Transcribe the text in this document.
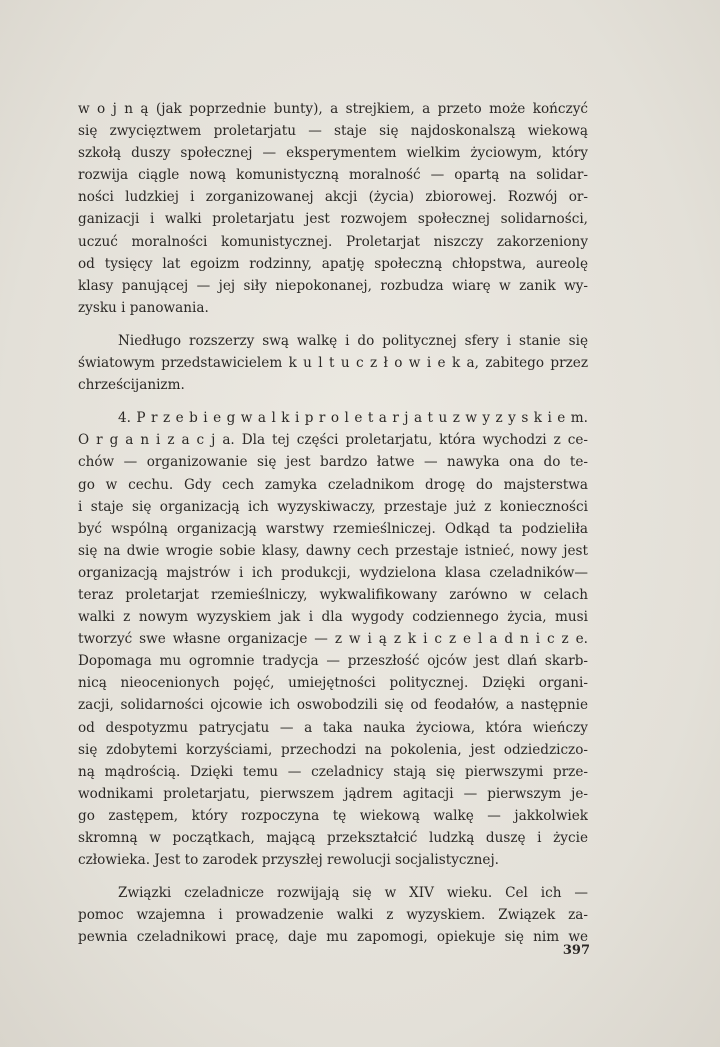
w o j n ą (jak poprzednie bunty), a strejkiem, a przeto może kończyć
się zwycięztwem proletarjatu — staje się najdoskonalszą wiekową
szkołą duszy społecznej — eksperymentem wielkim życiowym, który
rozwija ciągle nową komunistyczną moralność — opartą na solidar-
ności ludzkiej i zorganizowanej akcji (życia) zbiorowej. Rozwój or-
ganizacji i walki proletarjatu jest rozwojem społecznej solidarności,
uczuć moralności komunistycznej. Proletarjat niszczy zakorzeniony
od tysięcy lat egoizm rodzinny, apatję społeczną chłopstwa, aureolę
klasy panującej — jej siły niepokonanej, rozbudza wiarę w zanik wy-
zysku i panowania.
Niedługo rozszerzy swą walkę i do politycznej sfery i stanie się
światowym przedstawicielem k u l t u c z ł o w i e k a, zabitego przez
chrześcijanizm.
4. P r z e b i e g w a l k i p r o l e t a r j a t u z w y z y s k i e m.
O r g a n i z a c j a. Dla tej części proletarjatu, która wychodzi z ce-
chów — organizowanie się jest bardzo łatwe — nawyka ona do te-
go w cechu. Gdy cech zamyka czeladnikom drogę do majsterstwa
i staje się organizacją ich wyzyskiwaczy, przestaje już z konieczności
być wspólną organizacją warstwy rzemieślniczej. Odkąd ta podzieliła
się na dwie wrogie sobie klasy, dawny cech przestaje istnieć, nowy jest
organizacją majstrów i ich produkcji, wydzielona klasa czeladników—
teraz proletarjat rzemieślniczy, wykwalifikowany zarówno w celach
walki z nowym wyzyskiem jak i dla wygody codziennego życia, musi
tworzyć swe własne organizacje — z w i ą z k i c z e l a d n i c z e.
Dopomaga mu ogromnie tradycja — przeszłość ojców jest dlań skarb-
nicą nieocenionych pojęć, umiejętności politycznej. Dzięki organi-
zacji, solidarności ojcowie ich oswobodzili się od feodałów, a następnie
od despotyzmu patrycjatu — a taka nauka życiowa, która wieńczy
się zdobytemi korzyściami, przechodzi na pokolenia, jest odziedziczo-
ną mądrością. Dzięki temu — czeladnicy stają się pierwszymi prze-
wodnikami proletarjatu, pierwszem jądrem agitacji — pierwszym je-
go zastępem, który rozpoczyna tę wiekową walkę — jakkolwiek
skromną w początkach, mającą przekształcić ludzką duszę i życie
człowieka. Jest to zarodek przyszłej rewolucji socjalistycznej.
Związki czeladnicze rozwijają się w XIV wieku. Cel ich —
pomoc wzajemna i prowadzenie walki z wyzyskiem. Związek za-
pewnia czeladnikowi pracę, daje mu zapomogi, opiekuje się nim we
397
